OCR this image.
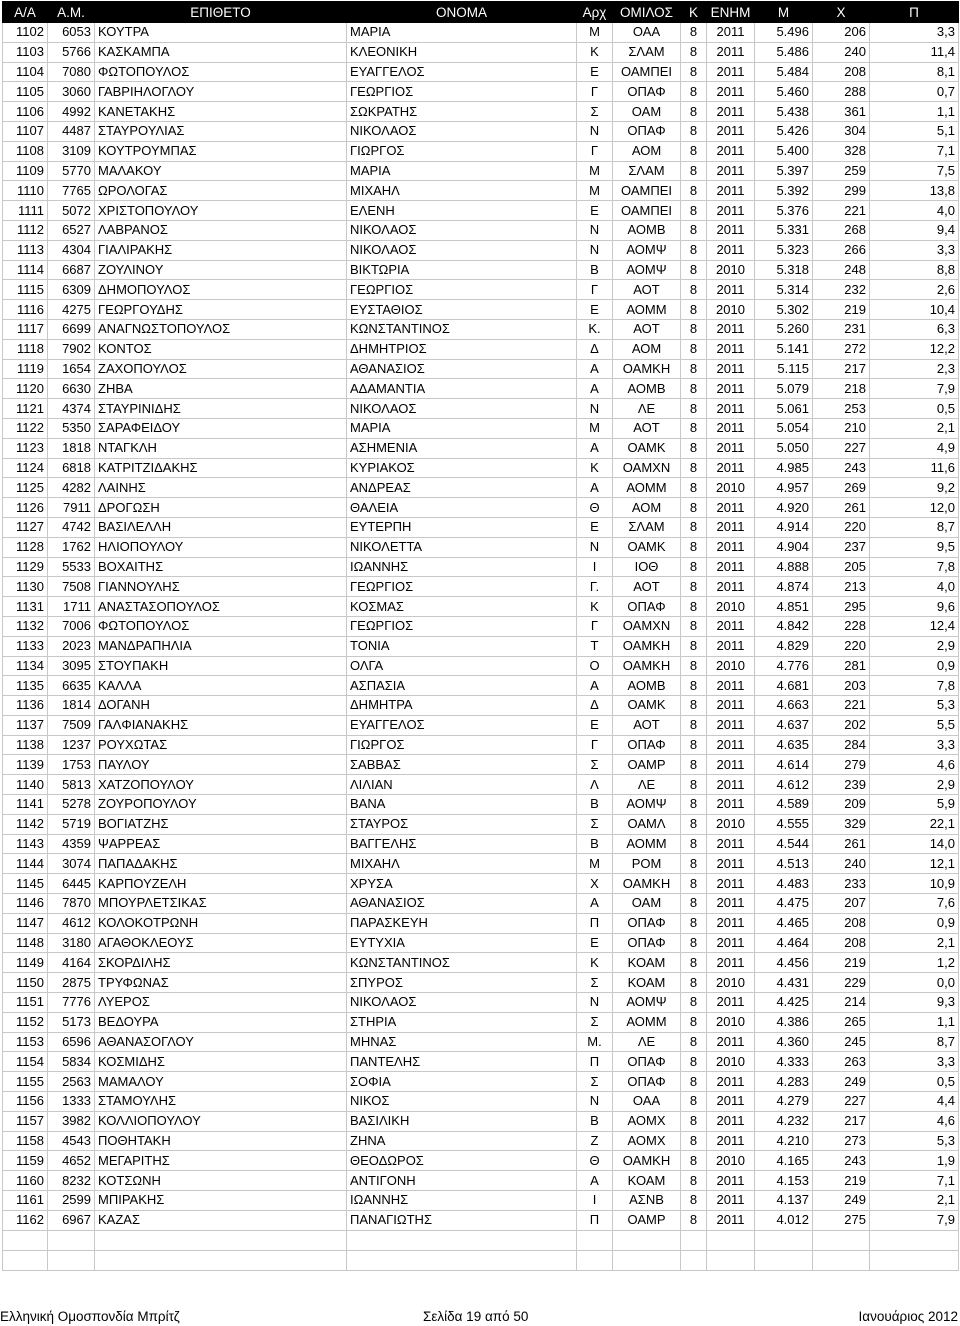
Α/Α	Α.Μ.	ΕΠΙΘΕΤΟ	ΟΝΟΜΑ	Αρχ	ΟΜΙΛΟΣ	Κ	ΕΝΗΜ	Μ	Χ	Π
1102	6053	ΚΟΥΤΡΑ	ΜΑΡΙΑ	Μ	ΟΑΑ	8	2011	5.496	206	3,3
1103	5766	ΚΑΣΚΑΜΠΑ	ΚΛΕΟΝΙΚΗ	Κ	ΣΛΑΜ	8	2011	5.486	240	11,4
1104	7080	ΦΩΤΟΠΟΥΛΟΣ	ΕΥΑΓΓΕΛΟΣ	Ε	ΟΑΜΠΕΙ	8	2011	5.484	208	8,1
1105	3060	ΓΑΒΡΙΗΛΟΓΛΟΥ	ΓΕΩΡΓΙΟΣ	Γ	ΟΠΑΦ	8	2011	5.460	288	0,7
1106	4992	ΚΑΝΕΤΑΚΗΣ	ΣΩΚΡΑΤΗΣ	Σ	ΟΑΜ	8	2011	5.438	361	1,1
1107	4487	ΣΤΑΥΡΟΥΛΙΑΣ	ΝΙΚΟΛΑΟΣ	Ν	ΟΠΑΦ	8	2011	5.426	304	5,1
1108	3109	ΚΟΥΤΡΟΥΜΠΑΣ	ΓΙΩΡΓΟΣ	Γ	ΑΟΜ	8	2011	5.400	328	7,1
1109	5770	ΜΑΛΑΚΟΥ	ΜΑΡΙΑ	Μ	ΣΛΑΜ	8	2011	5.397	259	7,5
1110	7765	ΩΡΟΛΟΓΑΣ	ΜΙΧΑΗΛ	Μ	ΟΑΜΠΕΙ	8	2011	5.392	299	13,8
1111	5072	ΧΡΙΣΤΟΠΟΥΛΟΥ	ΕΛΕΝΗ	Ε	ΟΑΜΠΕΙ	8	2011	5.376	221	4,0
1112	6527	ΛΑΒΡΑΝΟΣ	ΝΙΚΟΛΑΟΣ	Ν	ΑΟΜΒ	8	2011	5.331	268	9,4
1113	4304	ΓΙΑΛΙΡΑΚΗΣ	ΝΙΚΟΛΑΟΣ	Ν	ΑΟΜΨ	8	2011	5.323	266	3,3
1114	6687	ΖΟΥΛΙΝΟΥ	ΒΙΚΤΩΡΙΑ	Β	ΑΟΜΨ	8	2010	5.318	248	8,8
1115	6309	ΔΗΜΟΠΟΥΛΟΣ	ΓΕΩΡΓΙΟΣ	Γ	ΑΟΤ	8	2011	5.314	232	2,6
1116	4275	ΓΕΩΡΓΟΥΔΗΣ	ΕΥΣΤΑΘΙΟΣ	Ε	ΑΟΜΜ	8	2010	5.302	219	10,4
1117	6699	ΑΝΑΓΝΩΣΤΟΠΟΥΛΟΣ	ΚΩΝΣΤΑΝΤΙΝΟΣ	Κ.	ΑΟΤ	8	2011	5.260	231	6,3
1118	7902	ΚΟΝΤΟΣ	ΔΗΜΗΤΡΙΟΣ	Δ	ΑΟΜ	8	2011	5.141	272	12,2
1119	1654	ΖΑΧΟΠΟΥΛΟΣ	ΑΘΑΝΑΣΙΟΣ	Α	ΟΑΜΚΗ	8	2011	5.115	217	2,3
1120	6630	ΖΗΒΑ	ΑΔΑΜΑΝΤΙΑ	Α	ΑΟΜΒ	8	2011	5.079	218	7,9
1121	4374	ΣΤΑΥΡΙΝΙΔΗΣ	ΝΙΚΟΛΑΟΣ	Ν	ΛΕ	8	2011	5.061	253	0,5
1122	5350	ΣΑΡΑΦΕΙΔΟΥ	ΜΑΡΙΑ	Μ	ΑΟΤ	8	2011	5.054	210	2,1
1123	1818	ΝΤΑΓΚΛΗ	ΑΣΗΜΕΝΙΑ	Α	ΟΑΜΚ	8	2011	5.050	227	4,9
1124	6818	ΚΑΤΡΙΤΖΙΔΑΚΗΣ	ΚΥΡΙΑΚΟΣ	Κ	ΟΑΜΧΝ	8	2011	4.985	243	11,6
1125	4282	ΛΑΙΝΗΣ	ΑΝΔΡΕΑΣ	Α	ΑΟΜΜ	8	2010	4.957	269	9,2
1126	7911	ΔΡΟΓΩΣΗ	ΘΑΛΕΙΑ	Θ	ΑΟΜ	8	2011	4.920	261	12,0
1127	4742	ΒΑΣΙΛΕΛΛΗ	ΕΥΤΕΡΠΗ	Ε	ΣΛΑΜ	8	2011	4.914	220	8,7
1128	1762	ΗΛΙΟΠΟΥΛΟΥ	ΝΙΚΟΛΕΤΤΑ	Ν	ΟΑΜΚ	8	2011	4.904	237	9,5
1129	5533	ΒΟΧΑΙΤΗΣ	ΙΩΑΝΝΗΣ	Ι	ΙΟΘ	8	2011	4.888	205	7,8
1130	7508	ΓΙΑΝΝΟΥΛΗΣ	ΓΕΩΡΓΙΟΣ	Γ.	ΑΟΤ	8	2011	4.874	213	4,0
1131	1711	ΑΝΑΣΤΑΣΟΠΟΥΛΟΣ	ΚΟΣΜΑΣ	Κ	ΟΠΑΦ	8	2010	4.851	295	9,6
1132	7006	ΦΩΤΟΠΟΥΛΟΣ	ΓΕΩΡΓΙΟΣ	Γ	ΟΑΜΧΝ	8	2011	4.842	228	12,4
1133	2023	ΜΑΝΔΡΑΠΗΛΙΑ	ΤΟΝΙΑ	Τ	ΟΑΜΚΗ	8	2011	4.829	220	2,9
1134	3095	ΣΤΟΥΠΑΚΗ	ΟΛΓΑ	Ο	ΟΑΜΚΗ	8	2010	4.776	281	0,9
1135	6635	ΚΑΛΛΑ	ΑΣΠΑΣΙΑ	Α	ΑΟΜΒ	8	2011	4.681	203	7,8
1136	1814	ΔΟΓΑΝΗ	ΔΗΜΗΤΡΑ	Δ	ΟΑΜΚ	8	2011	4.663	221	5,3
1137	7509	ΓΑΛΦΙΑΝΑΚΗΣ	ΕΥΑΓΓΕΛΟΣ	Ε	ΑΟΤ	8	2011	4.637	202	5,5
1138	1237	ΡΟΥΧΩΤΑΣ	ΓΙΩΡΓΟΣ	Γ	ΟΠΑΦ	8	2011	4.635	284	3,3
1139	1753	ΠΑΥΛΟΥ	ΣΑΒΒΑΣ	Σ	ΟΑΜΡ	8	2011	4.614	279	4,6
1140	5813	ΧΑΤΖΟΠΟΥΛΟΥ	ΛΙΛΙΑΝ	Λ	ΛΕ	8	2011	4.612	239	2,9
1141	5278	ΖΟΥΡΟΠΟΥΛΟΥ	ΒΑΝΑ	Β	ΑΟΜΨ	8	2011	4.589	209	5,9
1142	5719	ΒΟΓΙΑΤΖΗΣ	ΣΤΑΥΡΟΣ	Σ	ΟΑΜΛ	8	2010	4.555	329	22,1
1143	4359	ΨΑΡΡΕΑΣ	ΒΑΓΓΕΛΗΣ	Β	ΑΟΜΜ	8	2011	4.544	261	14,0
1144	3074	ΠΑΠΑΔΑΚΗΣ	ΜΙΧΑΗΛ	Μ	ΡΟΜ	8	2011	4.513	240	12,1
1145	6445	ΚΑΡΠΟΥΖΕΛΗ	ΧΡΥΣΑ	Χ	ΟΑΜΚΗ	8	2011	4.483	233	10,9
1146	7870	ΜΠΟΥΡΛΕΤΣΙΚΑΣ	ΑΘΑΝΑΣΙΟΣ	Α	ΟΑΜ	8	2011	4.475	207	7,6
1147	4612	ΚΟΛΟΚΟΤΡΩΝΗ	ΠΑΡΑΣΚΕΥΗ	Π	ΟΠΑΦ	8	2011	4.465	208	0,9
1148	3180	ΑΓΑΘΟΚΛΕΟΥΣ	ΕΥΤΥΧΙΑ	Ε	ΟΠΑΦ	8	2011	4.464	208	2,1
1149	4164	ΣΚΟΡΔΙΛΗΣ	ΚΩΝΣΤΑΝΤΙΝΟΣ	Κ	ΚΟΑΜ	8	2011	4.456	219	1,2
1150	2875	ΤΡΥΦΩΝΑΣ	ΣΠΥΡΟΣ	Σ	ΚΟΑΜ	8	2010	4.431	229	0,0
1151	7776	ΛΥΕΡΟΣ	ΝΙΚΟΛΑΟΣ	Ν	ΑΟΜΨ	8	2011	4.425	214	9,3
1152	5173	ΒΕΔΟΥΡΑ	ΣΤΗΡΙΑ	Σ	ΑΟΜΜ	8	2010	4.386	265	1,1
1153	6596	ΑΘΑΝΑΣΟΓΛΟΥ	ΜΗΝΑΣ	Μ.	ΛΕ	8	2011	4.360	245	8,7
1154	5834	ΚΟΣΜΙΔΗΣ	ΠΑΝΤΕΛΗΣ	Π	ΟΠΑΦ	8	2010	4.333	263	3,3
1155	2563	ΜΑΜΑΛΟΥ	ΣΟΦΙΑ	Σ	ΟΠΑΦ	8	2011	4.283	249	0,5
1156	1333	ΣΤΑΜΟΥΛΗΣ	ΝΙΚΟΣ	Ν	ΟΑΑ	8	2011	4.279	227	4,4
1157	3982	ΚΟΛΛΙΟΠΟΥΛΟΥ	ΒΑΣΙΛΙΚΗ	Β	ΑΟΜΧ	8	2011	4.232	217	4,6
1158	4543	ΠΟΘΗΤΑΚΗ	ΖΗΝΑ	Ζ	ΑΟΜΧ	8	2011	4.210	273	5,3
1159	4652	ΜΕΓΑΡΙΤΗΣ	ΘΕΟΔΩΡΟΣ	Θ	ΟΑΜΚΗ	8	2010	4.165	243	1,9
1160	8232	ΚΟΤΣΩΝΗ	ΑΝΤΙΓΟΝΗ	Α	ΚΟΑΜ	8	2011	4.153	219	7,1
1161	2599	ΜΠΙΡΑΚΗΣ	ΙΩΑΝΝΗΣ	Ι	ΑΣΝΒ	8	2011	4.137	249	2,1
1162	6967	ΚΑΖΑΣ	ΠΑΝΑΓΙΩΤΗΣ	Π	ΟΑΜΡ	8	2011	4.012	275	7,9

Ελληνική Ομοσπονδία Μπρίτζ	Σελίδα 19 από 50	Ιανουάριος 2012
